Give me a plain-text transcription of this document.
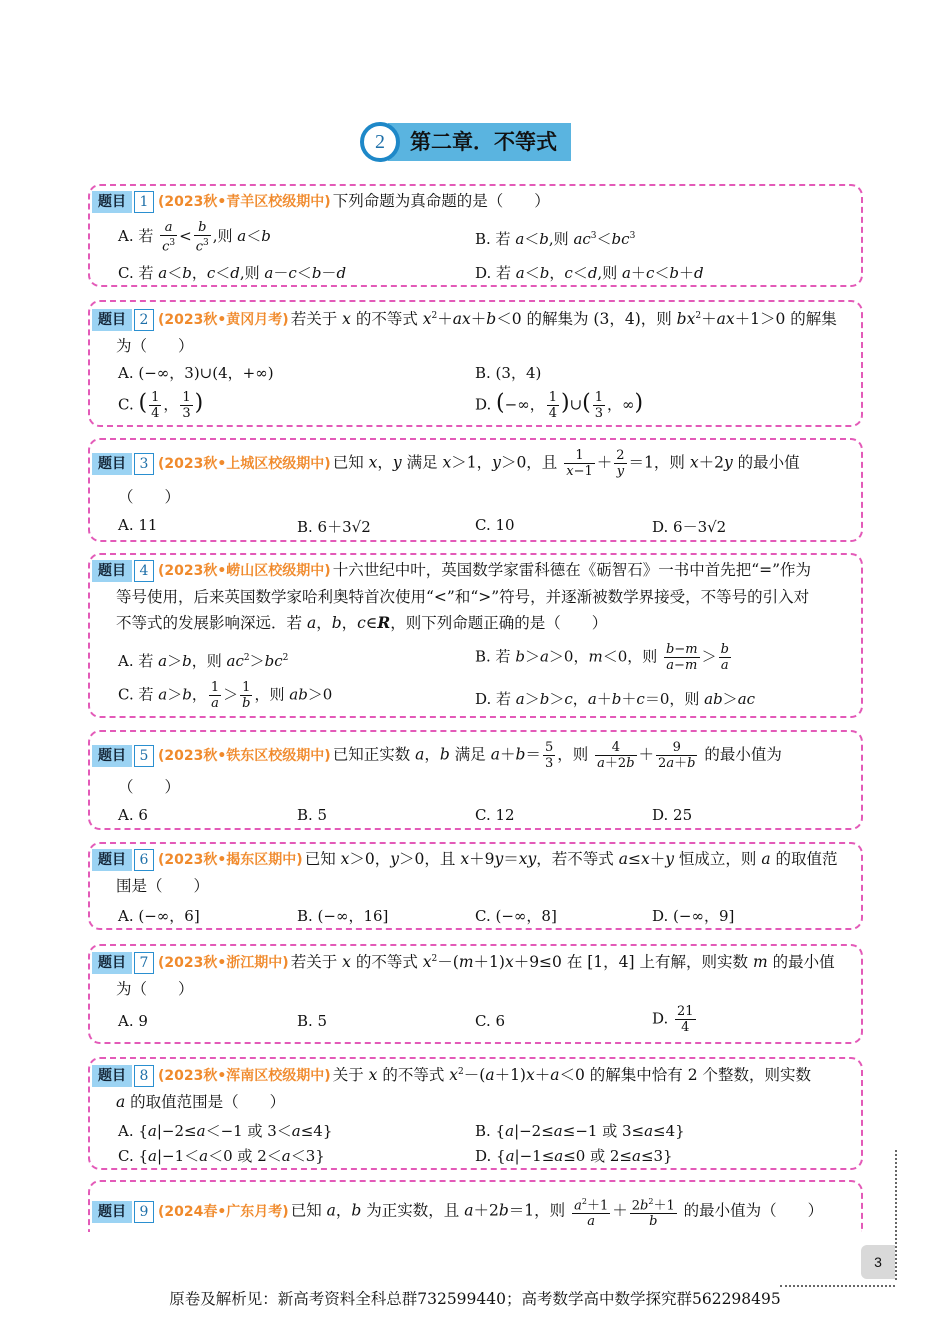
2	第二章．不等式
题目 1 (2023秋•青羊区校级期中) 下列命题为真命题的是（　　）
A. 若 $\frac{a}{c^3} < \frac{b}{c^3}$ ,则 a＜b	B. 若 a＜b,则 $ac^3<bc^3$
C. 若 a＜b，c＜d,则 a－c＜b－d	D. 若 a＜b，c＜d,则 a＋c＜b＋d
题目 2 (2023秋•黄冈月考) 若关于 x 的不等式 $x^2+ax+b<0$ 的解集为 (3，4)，则 $bx^2+ax+1>0$ 的解集
为（　　）
A. (−∞，3)∪(4，+∞)	B. (3，4)
C. ( $\frac{1}{4}$ ， $\frac{1}{3}$ )	D. (−∞， $\frac{1}{4}$ )∪( $\frac{1}{3}$ ，∞)
题目 3 (2023秋•上城区校级期中) 已知 x，y 满足 x＞1，y＞0，且 $\frac{1}{x-1} + \frac{2}{y} =1$，则 x＋2y 的最小值
（　　）
A. 11	B. 6＋3√2	C. 10	D. 6－3√2
题目 4 (2023秋•崂山区校级期中) 十六世纪中叶，英国数学家雷科德在《砺智石》一书中首先把“=”作为
等号使用，后来英国数学家哈利奥特首次使用“<”和“>”符号，并逐渐被数学界接受，不等号的引入对
不等式的发展影响深远．若 a，b，c∈R，则下列命题正确的是（　　）
A. 若 a＞b，则 $ac^2>bc^2$	B. 若 b＞a＞0，m＜0，则 $\frac{b-m}{a-m} > \frac{b}{a}$
C. 若 a＞b， $\frac{1}{a} > \frac{1}{b}$ ，则 ab＞0	D. 若 a＞b＞c，a＋b＋c＝0，则 ab＞ac
题目 5 (2023秋•铁东区校级期中) 已知正实数 a，b 满足 $a+b= \frac{5}{3}$ ，则 $\frac{4}{a+2b} + \frac{9}{2a+b}$ 的最小值为
（　　）
A. 6	B. 5	C. 12	D. 25
题目 6 (2023秋•揭东区期中) 已知 x＞0，y＞0，且 x＋9y＝xy，若不等式 a≤x＋y 恒成立，则 a 的取值范
围是（　　）
A. (−∞，6]	B. (−∞，16]	C. (−∞，8]	D. (−∞，9]
题目 7 (2023秋•浙江期中) 若关于 x 的不等式 $x^2-(m+1)x+9\le 0$ 在 [1，4] 上有解，则实数 m 的最小值
为（　　）
A. 9	B. 5	C. 6	D. $\frac{21}{4}$
题目 8 (2023秋•浑南区校级期中) 关于 x 的不等式 $x^2-(a+1)x+a<0$ 的解集中恰有 2 个整数，则实数
a 的取值范围是（　　）
A. {a|−2≤a＜−1 或 3＜a≤4}	B. {a|−2≤a≤−1 或 3≤a≤4}
C. {a|−1＜a＜0 或 2＜a＜3}	D. {a|−1≤a≤0 或 2≤a≤3}
题目 9 (2024春•广东月考) 已知 a，b 为正实数，且 a＋2b＝1，则 $\frac{a^2+1}{a} + \frac{2b^2+1}{b}$ 的最小值为（　　）
3
原卷及解析见：新高考资料全科总群732599440；高考数学高中数学探究群562298495
